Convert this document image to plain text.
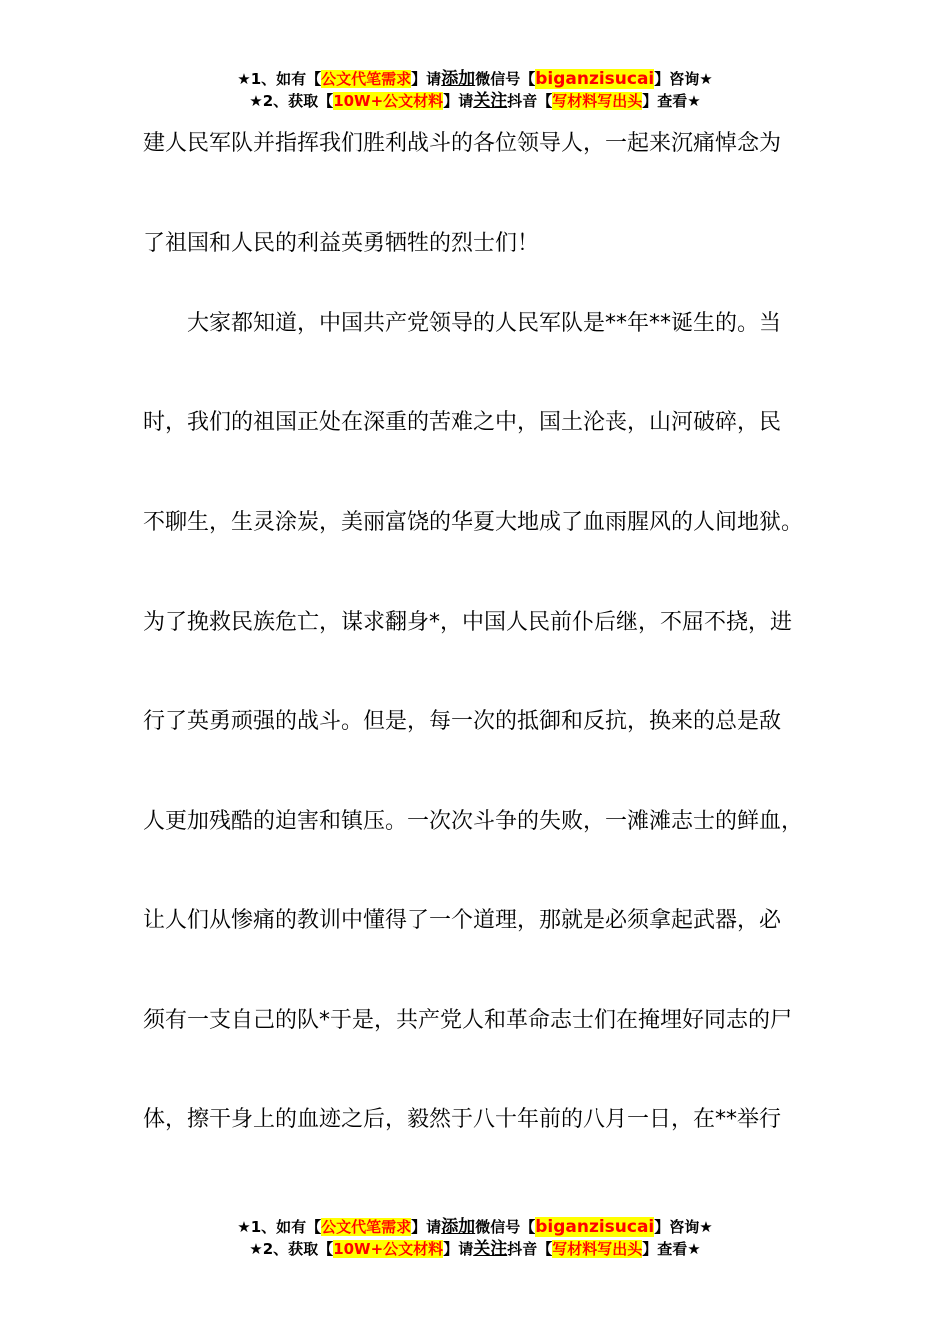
★1、如有【公文代笔需求】请添加微信号【biganzisucai】咨询★
★2、获取【10W+公文材料】请关注抖音【写材料写出头】查看★
建人民军队并指挥我们胜利战斗的各位领导人，一起来沉痛悼念为
了祖国和人民的利益英勇牺牲的烈士们！
大家都知道，中国共产党领导的人民军队是**年**诞生的。当
时，我们的祖国正处在深重的苦难之中，国土沦丧，山河破碎，民
不聊生，生灵涂炭，美丽富饶的华夏大地成了血雨腥风的人间地狱。
为了挽救民族危亡，谋求翻身*，中国人民前仆后继，不屈不挠，进
行了英勇顽强的战斗。但是，每一次的抵御和反抗，换来的总是敌
人更加残酷的迫害和镇压。一次次斗争的失败，一滩滩志士的鲜血，
让人们从惨痛的教训中懂得了一个道理，那就是必须拿起武器，必
须有一支自己的队*于是，共产党人和革命志士们在掩埋好同志的尸
体，擦干身上的血迹之后，毅然于八十年前的八月一日，在**举行
★1、如有【公文代笔需求】请添加微信号【biganzisucai】咨询★
★2、获取【10W+公文材料】请关注抖音【写材料写出头】查看★
